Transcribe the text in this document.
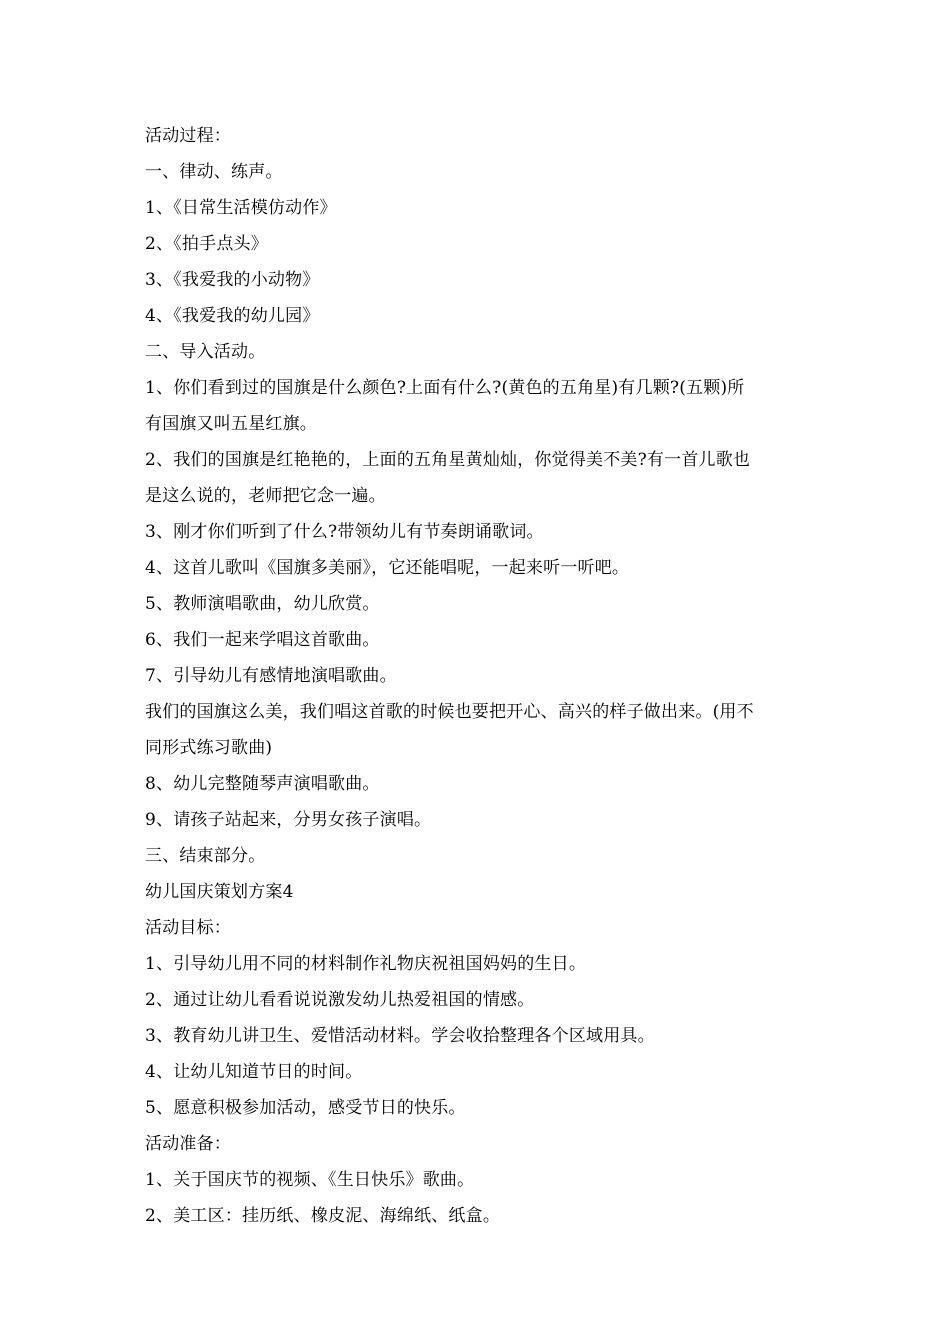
活动过程：
一、律动、练声。
1、《日常生活模仿动作》
2、《拍手点头》
3、《我爱我的小动物》
4、《我爱我的幼儿园》
二、导入活动。
1、你们看到过的国旗是什么颜色?上面有什么?(黄色的五角星)有几颗?(五颗)所
有国旗又叫五星红旗。
2、我们的国旗是红艳艳的，上面的五角星黄灿灿，你觉得美不美?有一首儿歌也
是这么说的，老师把它念一遍。
3、刚才你们听到了什么?带领幼儿有节奏朗诵歌词。
4、这首儿歌叫《国旗多美丽》，它还能唱呢，一起来听一听吧。
5、教师演唱歌曲，幼儿欣赏。
6、我们一起来学唱这首歌曲。
7、引导幼儿有感情地演唱歌曲。
我们的国旗这么美，我们唱这首歌的时候也要把开心、高兴的样子做出来。(用不
同形式练习歌曲)
8、幼儿完整随琴声演唱歌曲。
9、请孩子站起来，分男女孩子演唱。
三、结束部分。
幼儿国庆策划方案4
活动目标：
1、引导幼儿用不同的材料制作礼物庆祝祖国妈妈的生日。
2、通过让幼儿看看说说激发幼儿热爱祖国的情感。
3、教育幼儿讲卫生、爱惜活动材料。学会收拾整理各个区域用具。
4、让幼儿知道节日的时间。
5、愿意积极参加活动，感受节日的快乐。
活动准备：
1、关于国庆节的视频、《生日快乐》歌曲。
2、美工区：挂历纸、橡皮泥、海绵纸、纸盒。
